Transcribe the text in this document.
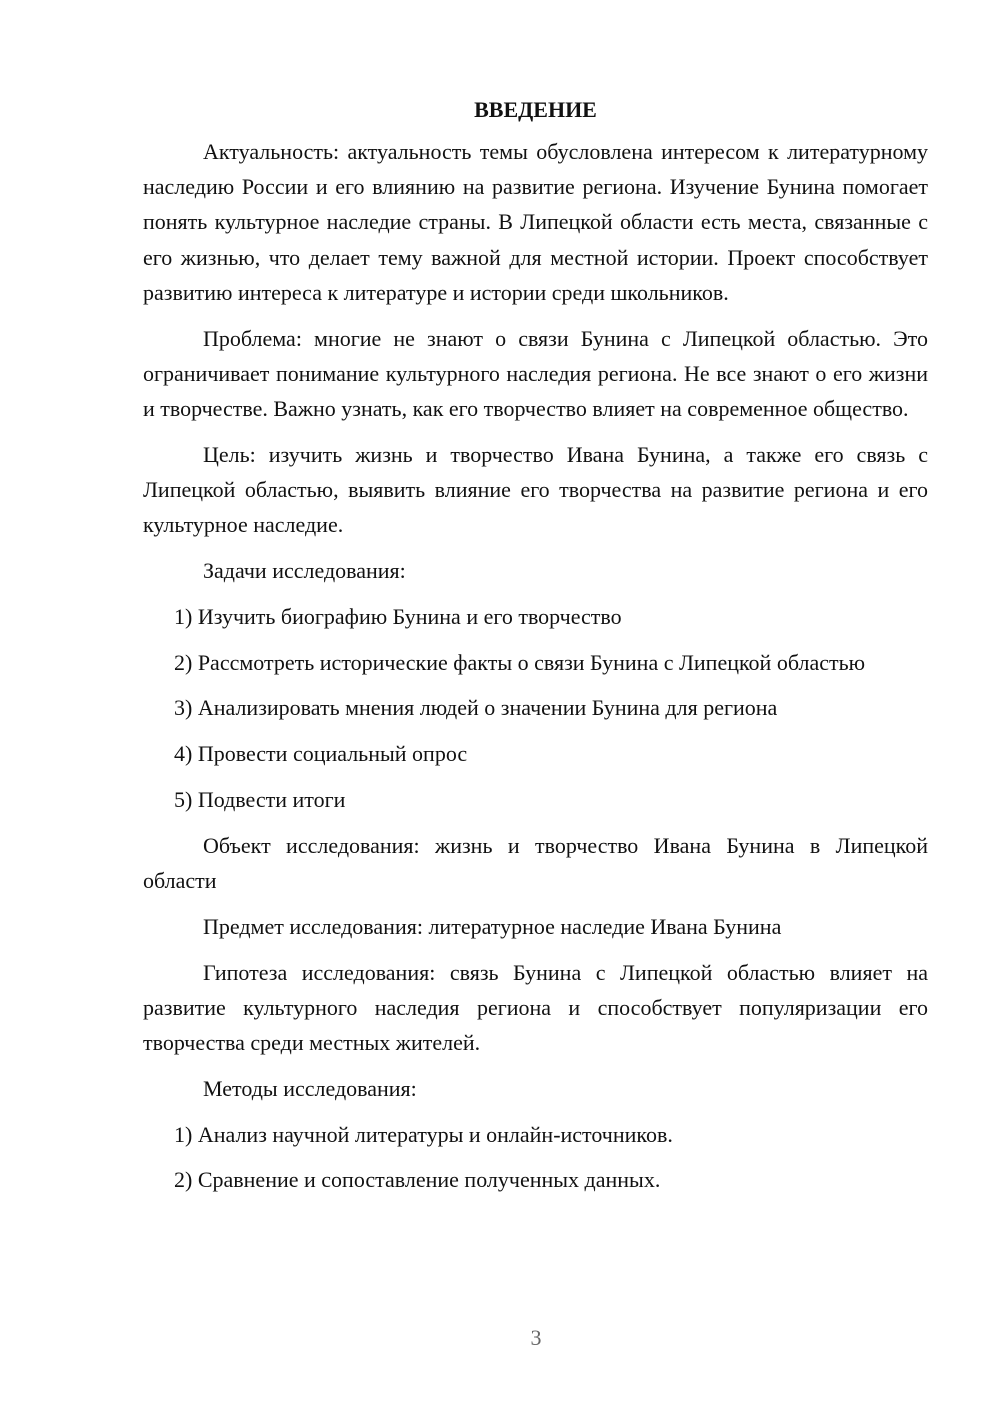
ВВЕДЕНИЕ

Актуальность: актуальность темы обусловлена интересом к литературному наследию России и его влиянию на развитие региона. Изучение Бунина помогает понять культурное наследие страны. В Липецкой области есть места, связанные с его жизнью, что делает тему важной для местной истории. Проект способствует развитию интереса к литературе и истории среди школьников.

Проблема: многие не знают о связи Бунина с Липецкой областью. Это ограничивает понимание культурного наследия региона. Не все знают о его жизни и творчестве. Важно узнать, как его творчество влияет на современное общество.

Цель: изучить жизнь и творчество Ивана Бунина, а также его связь с Липецкой областью, выявить влияние его творчества на развитие региона и его культурное наследие.

Задачи исследования:

1) Изучить биографию Бунина и его творчество

2) Рассмотреть исторические факты о связи Бунина с Липецкой областью

3) Анализировать мнения людей о значении Бунина для региона

4) Провести социальный опрос

5) Подвести итоги

Объект исследования: жизнь и творчество Ивана Бунина в Липецкой области

Предмет исследования: литературное наследие Ивана Бунина

Гипотеза исследования: связь Бунина с Липецкой областью влияет на развитие культурного наследия региона и способствует популяризации его творчества среди местных жителей.

Методы исследования:

1) Анализ научной литературы и онлайн-источников.

2) Сравнение и сопоставление полученных данных.

3
